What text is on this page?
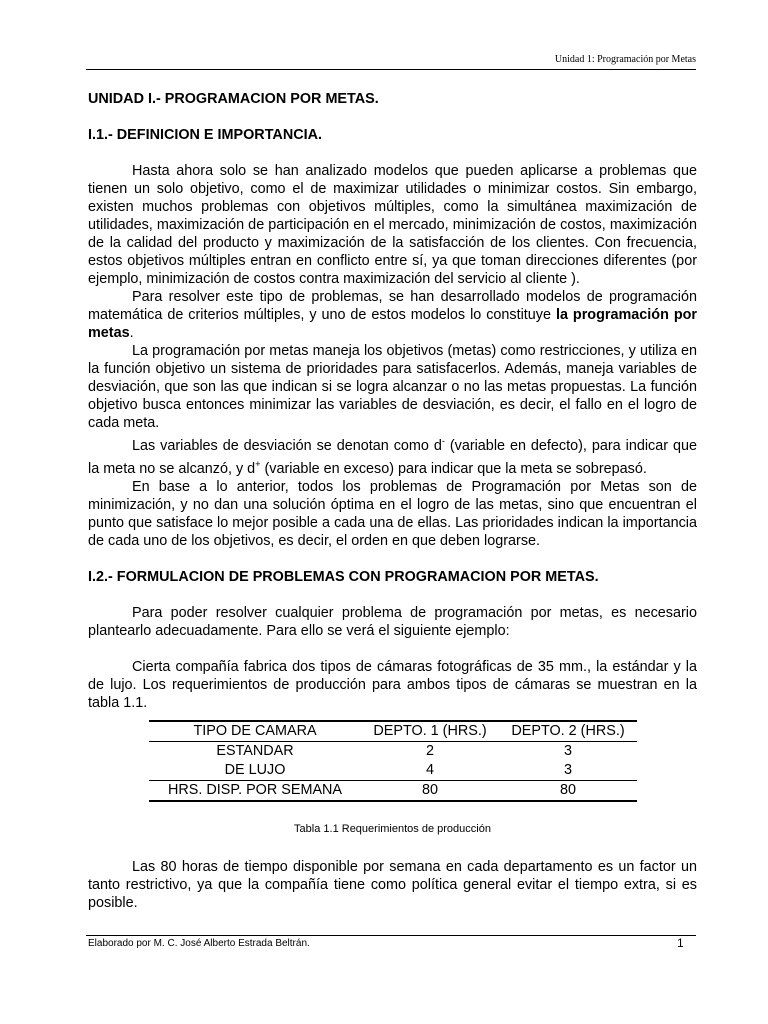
Unidad 1: Programación por Metas
UNIDAD I.- PROGRAMACION POR METAS.
I.1.- DEFINICION E IMPORTANCIA.

Hasta ahora solo se han analizado modelos que pueden aplicarse a problemas que tienen un solo objetivo, como el de maximizar utilidades o minimizar costos. Sin embargo, existen muchos problemas con objetivos múltiples, como la simultánea maximización de utilidades, maximización de participación en el mercado, minimización de costos, maximización de la calidad del producto y maximización de la satisfacción de los clientes. Con frecuencia, estos objetivos múltiples entran en conflicto entre sí, ya que toman direcciones diferentes (por ejemplo, minimización de costos contra maximización del servicio al cliente ).

Para resolver este tipo de problemas, se han desarrollado modelos de programación matemática de criterios múltiples, y uno de estos modelos lo constituye la programación por metas.

La programación por metas maneja los objetivos (metas) como restricciones, y utiliza en la función objetivo un sistema de prioridades para satisfacerlos. Además, maneja variables de desviación, que son las que indican si se logra alcanzar o no las metas propuestas. La función objetivo busca entonces minimizar las variables de desviación, es decir, el fallo en el logro de cada meta.

Las variables de desviación se denotan como d- (variable en defecto), para indicar que la meta no se alcanzó, y d+ (variable en exceso) para indicar que la meta se sobrepasó.

En base a lo anterior, todos los problemas de Programación por Metas son de minimización, y no dan una solución óptima en el logro de las metas, sino que encuentran el punto que satisface lo mejor posible a cada una de ellas. Las prioridades indican la importancia de cada uno de los objetivos, es decir, el orden en que deben lograrse.

I.2.- FORMULACION DE PROBLEMAS CON PROGRAMACION POR METAS.

Para poder resolver cualquier problema de programación por metas, es necesario plantearlo adecuadamente. Para ello se verá el siguiente ejemplo:

Cierta compañía fabrica dos tipos de cámaras fotográficas de 35 mm., la estándar y la de lujo. Los requerimientos de producción para ambos tipos de cámaras se muestran en la tabla 1.1.

TIPO DE CAMARA	DEPTO. 1 (HRS.)	DEPTO. 2 (HRS.)
ESTANDAR	2	3
DE LUJO	4	3
HRS. DISP. POR SEMANA	80	80
Tabla 1.1 Requerimientos de producción

Las 80 horas de tiempo disponible por semana en cada departamento es un factor un tanto restrictivo, ya que la compañía tiene como política general evitar el tiempo extra, si es posible.

Elaborado por M. C. José Alberto Estrada Beltrán.	1
